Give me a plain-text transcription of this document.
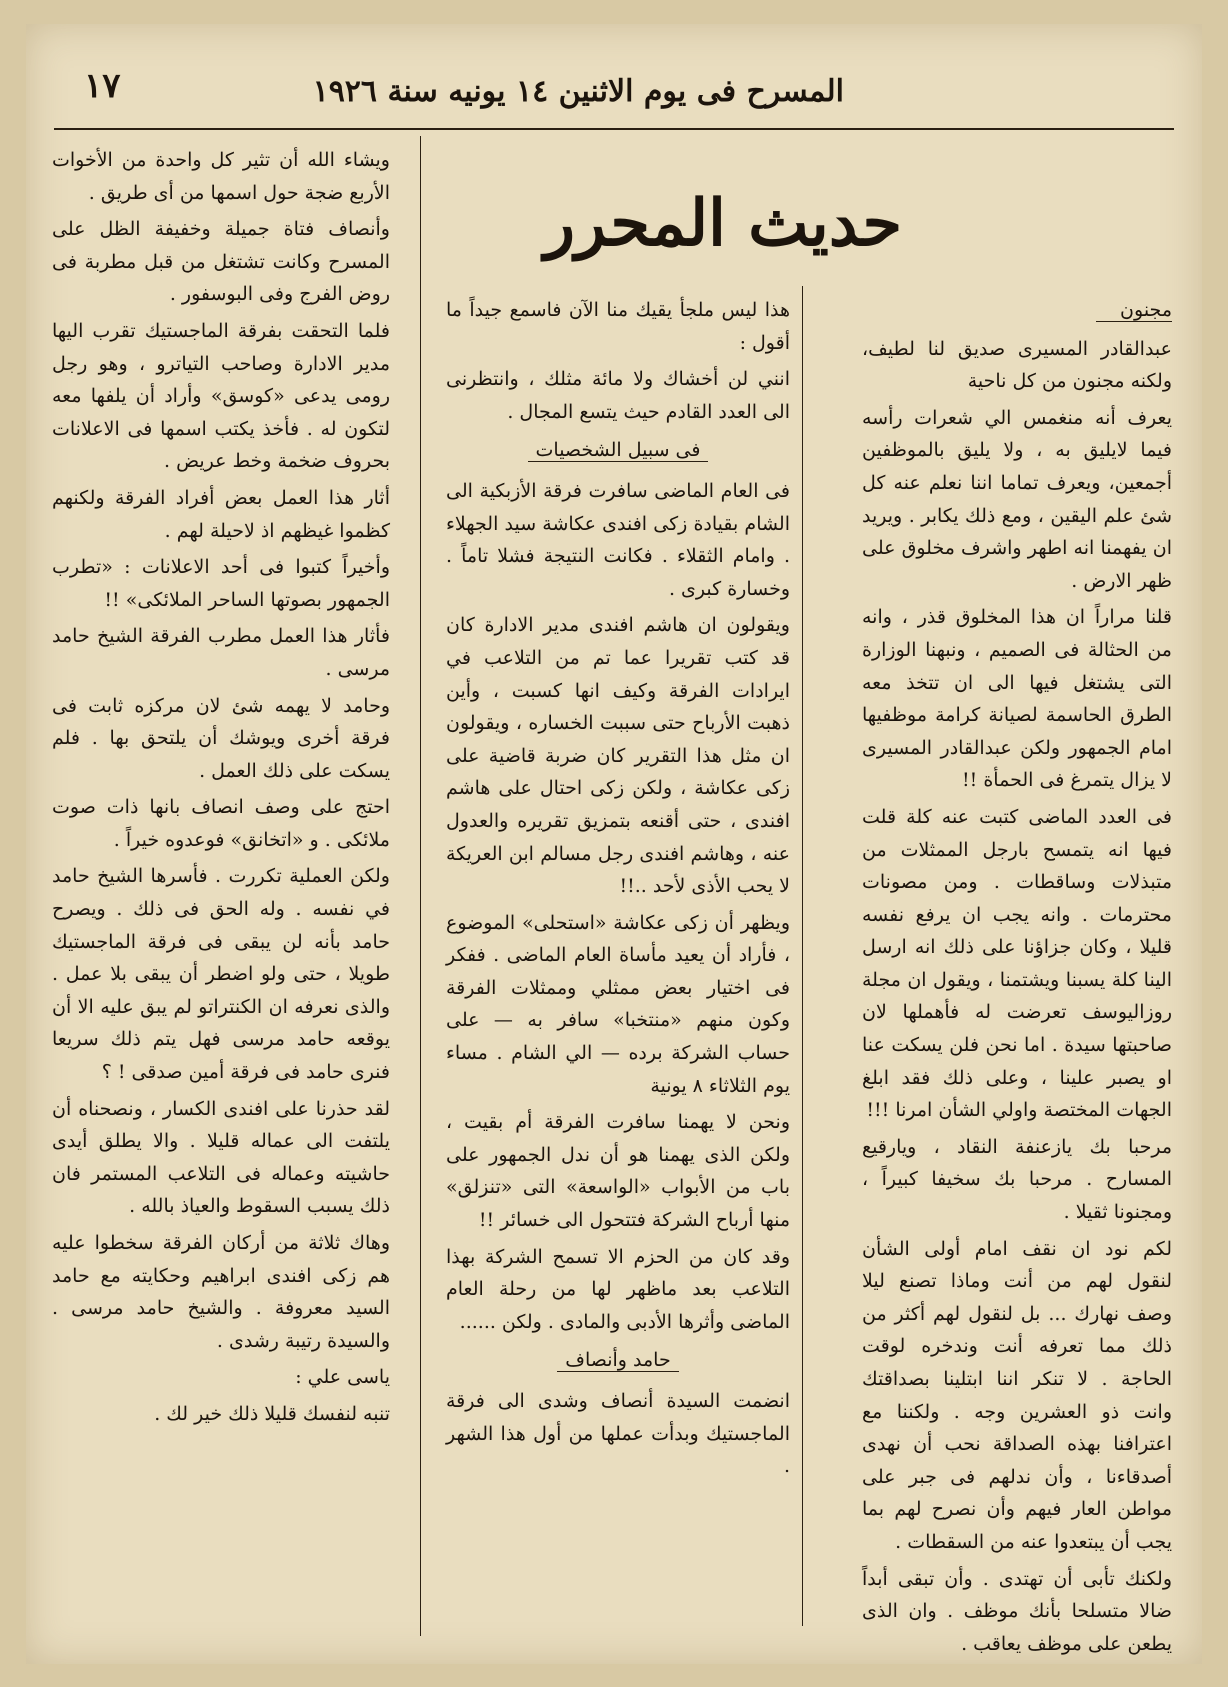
١٧	المسرح فى يوم الاثنين ١٤ يونيه سنة ١٩٢٦
حديث المحرر
مجنون

عبدالقادر المسيرى صديق لنا لطيف، ولكنه مجنون من كل ناحية

يعرف أنه منغمس الي شعرات رأسه فيما لايليق به ، ولا يليق بالموظفين أجمعين، ويعرف تماما اننا نعلم عنه كل شئ علم اليقين ، ومع ذلك يكابر . ويريد ان يفهمنا انه اطهر واشرف مخلوق على ظهر الارض .

قلنا مراراً ان هذا المخلوق قذر ، وانه من الحثالة فى الصميم ، ونبهنا الوزارة التى يشتغل فيها الى ان تتخذ معه الطرق الحاسمة لصيانة كرامة موظفيها امام الجمهور ولكن عبدالقادر المسيرى لا يزال يتمرغ فى الحمأة !!

فى العدد الماضى كتبت عنه كلة قلت فيها انه يتمسح بارجل الممثلات من متبذلات وساقطات . ومن مصونات محترمات . وانه يجب ان يرفع نفسه قليلا ، وكان جزاؤنا على ذلك انه ارسل الينا كلة يسبنا ويشتمنا ، ويقول ان مجلة روزاليوسف تعرضت له فأهملها لان صاحبتها سيدة . اما نحن فلن يسكت عنا او يصبر علينا ، وعلى ذلك فقد ابلغ الجهات المختصة واولي الشأن امرنا !!!

مرحبا بك يازعنفة النقاد ، ويارقيع المسارح . مرحبا بك سخيفا كبيراً ، ومجنونا ثقيلا .

لكم نود ان نقف امام أولى الشأن لنقول لهم من أنت وماذا تصنع ليلا وصف نهارك ... بل لنقول لهم أكثر من ذلك مما تعرفه أنت وندخره لوقت الحاجة . لا تنكر اننا ابتلينا بصداقتك وانت ذو العشرين وجه . ولكننا مع اعترافنا بهذه الصداقة نحب أن نهدى أصدقاءنا ، وأن ندلهم فى جبر على مواطن العار فيهم وأن نصرح لهم بما يجب أن يبتعدوا عنه من السقطات .

ولكنك تأبى أن تهتدى . وأن تبقى أبداً ضالا متسلحا بأنك موظف . وان الذى يطعن على موظف يعاقب .

هذا ليس ملجأ يقيك منا الآن فاسمع جيداً ما أقول :

انني لن أخشاك ولا مائة مثلك ، وانتظرنى الى العدد القادم حيث يتسع المجال .

فى سبيل الشخصيات

فى العام الماضى سافرت فرقة الأزبكية الى الشام بقيادة زكى افندى عكاشة سيد الجهلاء . وامام الثقلاء . فكانت النتيجة فشلا تاماً . وخسارة كبرى .

ويقولون ان هاشم افندى مدير الادارة كان قد كتب تقريرا عما تم من التلاعب في ايرادات الفرقة وكيف انها كسبت ، وأين ذهبت الأرباح حتى سببت الخساره ، ويقولون ان مثل هذا التقرير كان ضربة قاضية على زكى عكاشة ، ولكن زكى احتال على هاشم افندى ، حتى أقنعه بتمزيق تقريره والعدول عنه ، وهاشم افندى رجل مسالم ابن العريكة لا يحب الأذى لأحد ..!!

ويظهر أن زكى عكاشة «استحلى» الموضوع ، فأراد أن يعيد مأساة العام الماضى . ففكر فى اختيار بعض ممثلي وممثلات الفرقة وكون منهم «منتخبا» سافر به — على حساب الشركة برده — الي الشام . مساء يوم الثلاثاء ٨ يونية

ونحن لا يهمنا سافرت الفرقة أم بقيت ، ولكن الذى يهمنا هو أن ندل الجمهور على باب من الأبواب «الواسعة» التى «تنزلق» منها أرباح الشركة فتتحول الى خسائر !!

وقد كان من الحزم الا تسمح الشركة بهذا التلاعب بعد ماظهر لها من رحلة العام الماضى وأثرها الأدبى والمادى . ولكن ......

حامد وأنصاف

انضمت السيدة أنصاف وشدى الى فرقة الماجستيك وبدأت عملها من أول هذا الشهر .

ويشاء الله أن تثير كل واحدة من الأخوات الأربع ضجة حول اسمها من أى طريق .

وأنصاف فتاة جميلة وخفيفة الظل على المسرح وكانت تشتغل من قبل مطربة فى روض الفرج وفى البوسفور .

فلما التحقت بفرقة الماجستيك تقرب اليها مدير الادارة وصاحب التياترو ، وهو رجل رومى يدعى «كوسق» وأراد أن يلفها معه لتكون له . فأخذ يكتب اسمها فى الاعلانات بحروف ضخمة وخط عريض .

أثار هذا العمل بعض أفراد الفرقة ولكنهم كظموا غيظهم اذ لاحيلة لهم .

وأخيراً كتبوا فى أحد الاعلانات : «تطرب الجمهور بصوتها الساحر الملائكى» !!

فأثار هذا العمل مطرب الفرقة الشيخ حامد مرسى .

وحامد لا يهمه شئ لان مركزه ثابت فى فرقة أخرى ويوشك أن يلتحق بها . فلم يسكت على ذلك العمل .

احتج على وصف انصاف بانها ذات صوت ملائكى . و «اتخانق» فوعدوه خيراً .

ولكن العملية تكررت . فأسرها الشيخ حامد في نفسه . وله الحق فى ذلك . ويصرح حامد بأنه لن يبقى فى فرقة الماجستيك طويلا ، حتى ولو اضطر أن يبقى بلا عمل . والذى نعرفه ان الكنتراتو لم يبق عليه الا أن يوقعه حامد مرسى فهل يتم ذلك سريعا فنرى حامد فى فرقة أمين صدقى ! ؟

لقد حذرنا على افندى الكسار ، ونصحناه أن يلتفت الى عماله قليلا . والا يطلق أيدى حاشيته وعماله فى التلاعب المستمر فان ذلك يسبب السقوط والعياذ بالله .

وهاك ثلاثة من أركان الفرقة سخطوا عليه هم زكى افندى ابراهيم وحكايته مع حامد السيد معروفة . والشيخ حامد مرسى . والسيدة رتيبة رشدى .

ياسى علي :

تنبه لنفسك قليلا ذلك خير لك .
